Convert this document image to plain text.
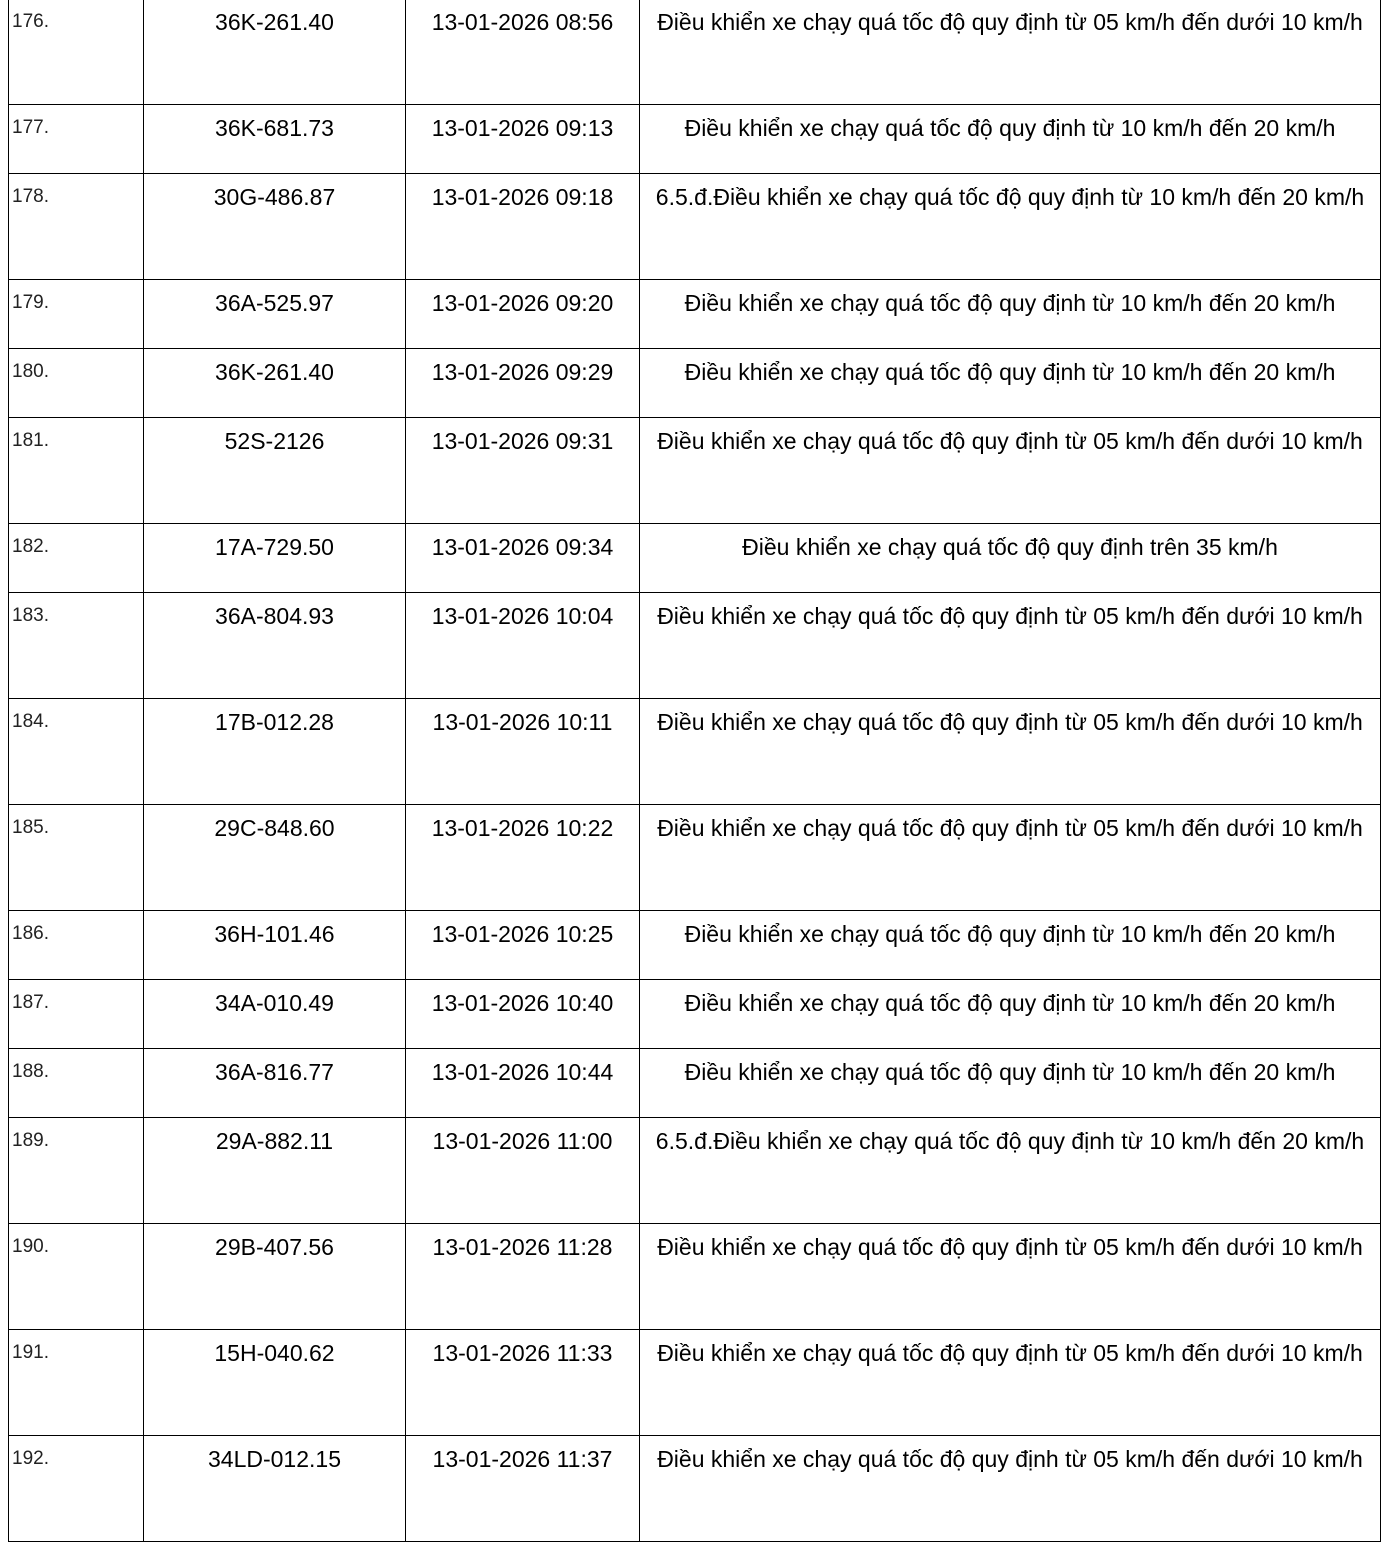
176.	36K-261.40	13-01-2026 08:56	Điều khiển xe chạy quá tốc độ quy định từ 05 km/h đến dưới 10 km/h
177.	36K-681.73	13-01-2026 09:13	Điều khiển xe chạy quá tốc độ quy định từ 10 km/h đến 20 km/h
178.	30G-486.87	13-01-2026 09:18	6.5.đ.Điều khiển xe chạy quá tốc độ quy định từ 10 km/h đến 20 km/h
179.	36A-525.97	13-01-2026 09:20	Điều khiển xe chạy quá tốc độ quy định từ 10 km/h đến 20 km/h
180.	36K-261.40	13-01-2026 09:29	Điều khiển xe chạy quá tốc độ quy định từ 10 km/h đến 20 km/h
181.	52S-2126	13-01-2026 09:31	Điều khiển xe chạy quá tốc độ quy định từ 05 km/h đến dưới 10 km/h
182.	17A-729.50	13-01-2026 09:34	Điều khiển xe chạy quá tốc độ quy định trên 35 km/h
183.	36A-804.93	13-01-2026 10:04	Điều khiển xe chạy quá tốc độ quy định từ 05 km/h đến dưới 10 km/h
184.	17B-012.28	13-01-2026 10:11	Điều khiển xe chạy quá tốc độ quy định từ 05 km/h đến dưới 10 km/h
185.	29C-848.60	13-01-2026 10:22	Điều khiển xe chạy quá tốc độ quy định từ 05 km/h đến dưới 10 km/h
186.	36H-101.46	13-01-2026 10:25	Điều khiển xe chạy quá tốc độ quy định từ 10 km/h đến 20 km/h
187.	34A-010.49	13-01-2026 10:40	Điều khiển xe chạy quá tốc độ quy định từ 10 km/h đến 20 km/h
188.	36A-816.77	13-01-2026 10:44	Điều khiển xe chạy quá tốc độ quy định từ 10 km/h đến 20 km/h
189.	29A-882.11	13-01-2026 11:00	6.5.đ.Điều khiển xe chạy quá tốc độ quy định từ 10 km/h đến 20 km/h
190.	29B-407.56	13-01-2026 11:28	Điều khiển xe chạy quá tốc độ quy định từ 05 km/h đến dưới 10 km/h
191.	15H-040.62	13-01-2026 11:33	Điều khiển xe chạy quá tốc độ quy định từ 05 km/h đến dưới 10 km/h
192.	34LD-012.15	13-01-2026 11:37	Điều khiển xe chạy quá tốc độ quy định từ 05 km/h đến dưới 10 km/h
